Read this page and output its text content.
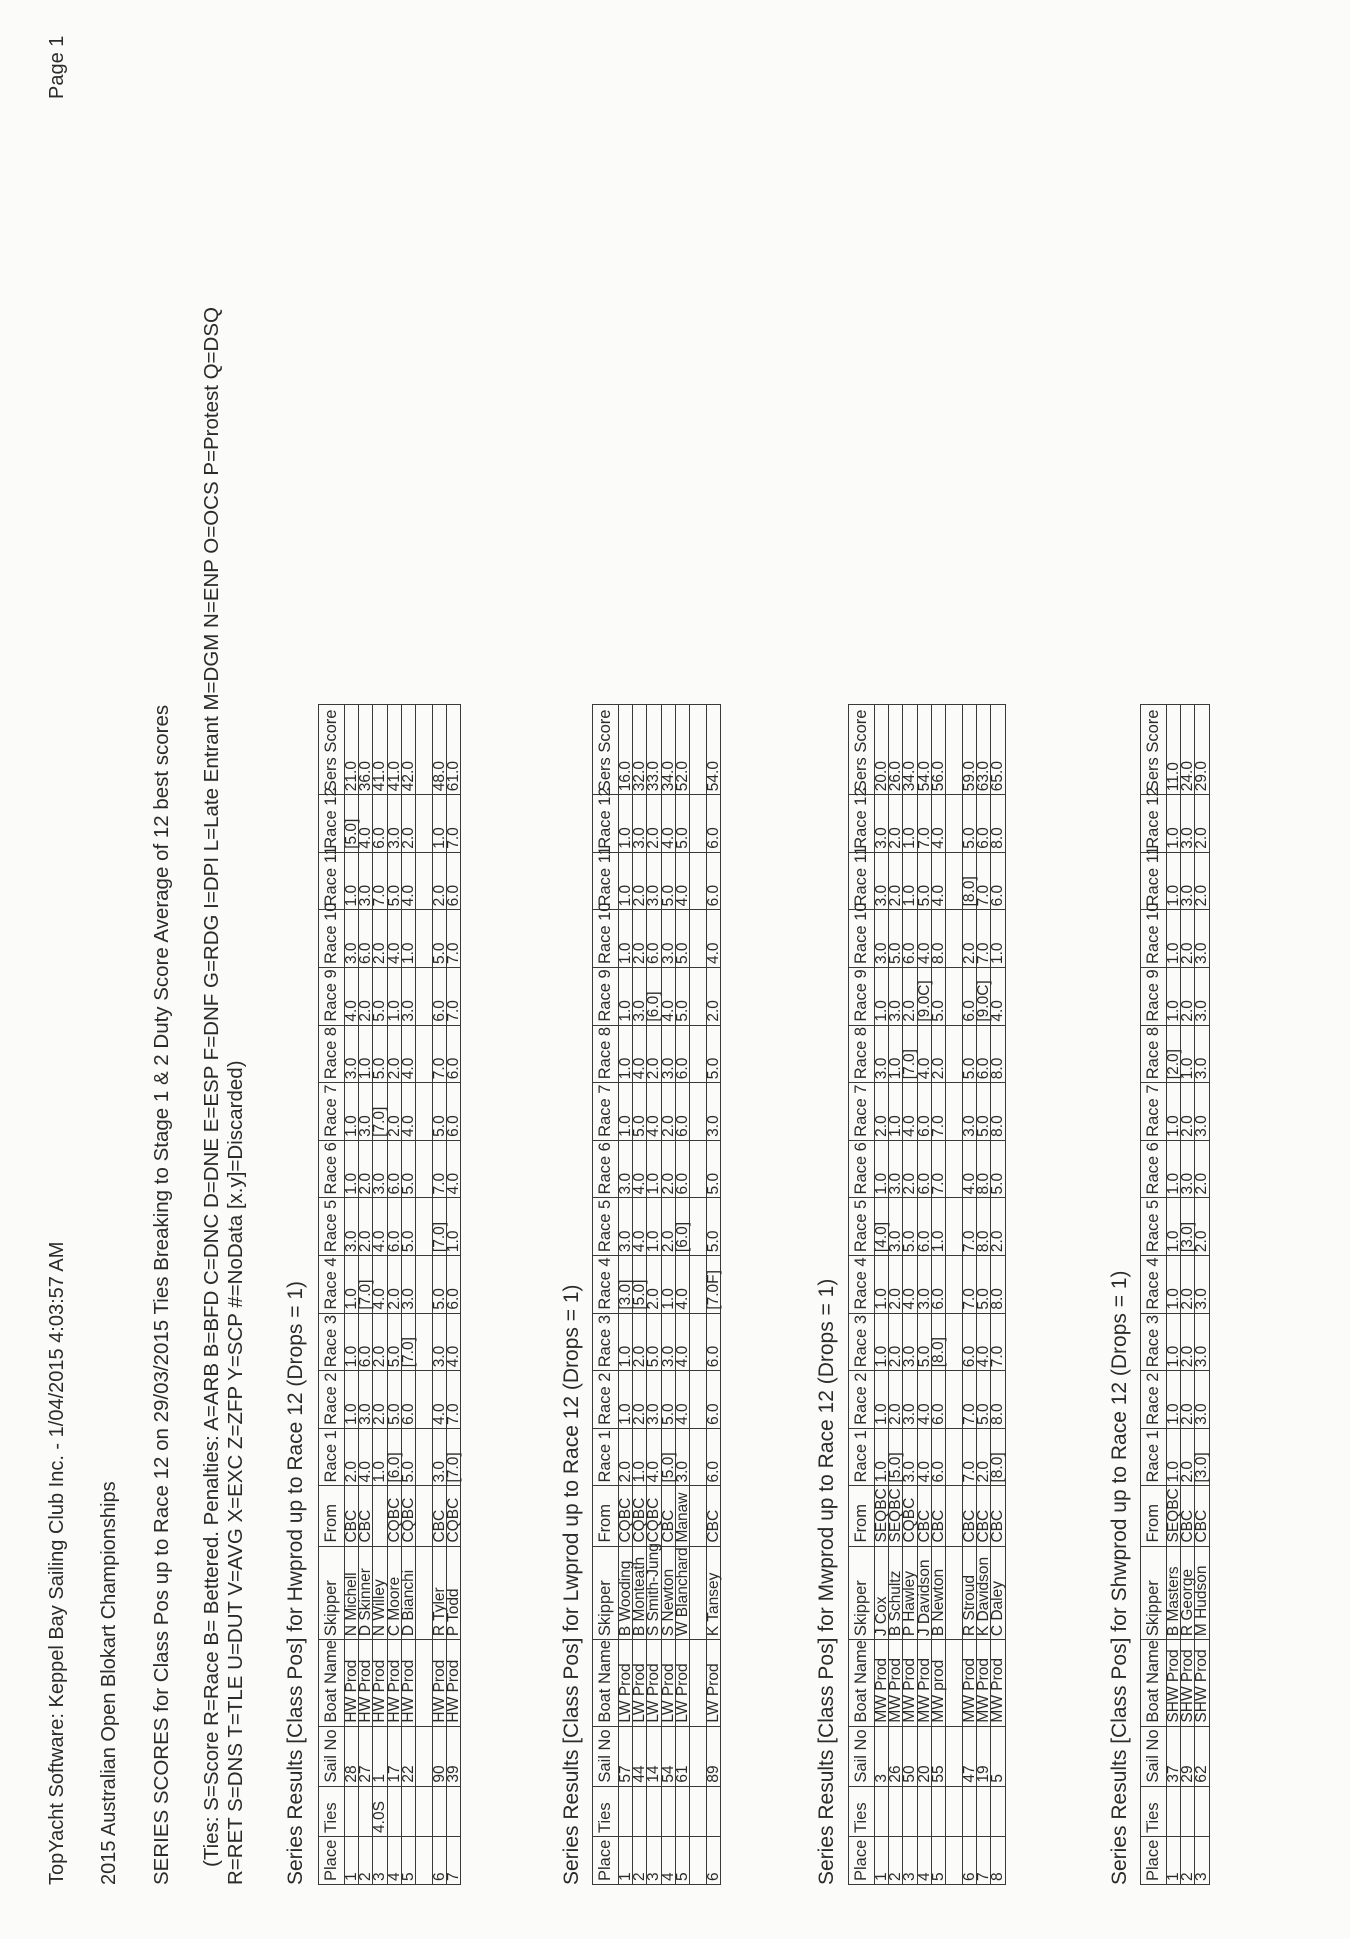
TopYacht Software: Keppel Bay Sailing Club Inc. - 1/04/2015 4:03:57 AM
Page 1
2015 Australian Open Blokart Championships SERIES SCORES for Class Pos up to Race 12 on 29/03/2015 Ties Breaking to Stage 1 & 2 Duty Score Average of 12 best scores (Ties: S=Score R=Race B= Bettered. Penalties: A=ARB B=BFD C=DNC D=DNE E=ESP F=DNF G=RDG I=DPI L=Late Entrant M=DGM N=ENP O=OCS P=Protest Q=DSQ R=RET S=DNS T=TLE U=DUT V=AVG X=EXC Z=ZFP Y=SCP #=NoData [x.y]=Discarded) Series Results [Class Pos] for Hwprod up to Race 12 (Drops = 1) Place	Ties	Sail No	Boat Name	Skipper	From	Race 1	Race 2	Race 3	Race 4	Race 5	Race 6	Race 7	Race 8	Race 9	Race 10	Race 11	Race 12	Sers Score
1		28	HW Prod	N Michell	CBC	2.0	1.0	1.0	1.0	3.0	1.0	1.0	3.0	4.0	3.0	1.0	[5.0]	21.0
2		27	HW Prod	D Skinner	CBC	4.0	3.0	6.0	[7.0]	2.0	2.0	3.0	1.0	2.0	6.0	3.0	4.0	36.0
3	4.0S	1	HW Prod	N Willey		1.0	2.0	2.0	4.0	4.0	3.0	[7.0]	5.0	5.0	2.0	7.0	6.0	41.0
4		17	HW Prod	C Moore	CQBC	[6.0]	5.0	5.0	2.0	6.0	6.0	2.0	2.0	1.0	4.0	5.0	3.0	41.0
5		22	HW Prod	D Bianchi	CQBC	5.0	6.0	[7.0]	3.0	5.0	5.0	4.0	4.0	3.0	1.0	4.0	2.0	42.0

6		90	HW Prod	R Tyler	CBC	3.0	4.0	3.0	5.0	[7.0]	7.0	5.0	7.0	6.0	5.0	2.0	1.0	48.0
7		39	HW Prod	P Todd	CQBC	[7.0]	7.0	4.0	6.0	1.0	4.0	6.0	6.0	7.0	7.0	6.0	7.0	61.0
Series Results [Class Pos] for Lwprod up to Race 12 (Drops = 1) Place	Ties	Sail No	Boat Name	Skipper	From	Race 1	Race 2	Race 3	Race 4	Race 5	Race 6	Race 7	Race 8	Race 9	Race 10	Race 11	Race 12	Sers Score
1		57	LW Prod	B Wooding	CQBC	2.0	1.0	1.0	[3.0]	3.0	3.0	1.0	1.0	1.0	1.0	1.0	1.0	16.0
2		44	LW Prod	B Monteath	CQBC	1.0	2.0	2.0	[5.0]	4.0	4.0	5.0	4.0	3.0	2.0	2.0	3.0	32.0
3		14	LW Prod	S Smith-Jung	CQBC	4.0	3.0	5.0	2.0	1.0	1.0	4.0	2.0	[6.0]	6.0	3.0	2.0	33.0
4		54	LW Prod	S Newton	CBC	[5.0]	5.0	3.0	1.0	2.0	2.0	2.0	3.0	4.0	3.0	5.0	4.0	34.0
5		61	LW Prod	W Blanchard	Manaw	3.0	4.0	4.0	4.0	[6.0]	6.0	6.0	6.0	5.0	5.0	4.0	5.0	52.0

6		89	LW Prod	K Tansey	CBC	6.0	6.0	6.0	[7.0F]	5.0	5.0	3.0	5.0	2.0	4.0	6.0	6.0	54.0
Series Results [Class Pos] for Mwprod up to Race 12 (Drops = 1) Place	Ties	Sail No	Boat Name	Skipper	From	Race 1	Race 2	Race 3	Race 4	Race 5	Race 6	Race 7	Race 8	Race 9	Race 10	Race 11	Race 12	Sers Score
1		3	MW Prod	J Cox	SEQBC	1.0	1.0	1.0	1.0	[4.0]	1.0	2.0	3.0	1.0	3.0	3.0	3.0	20.0
2		26	MW Prod	B Schultz	SEQBC	[5.0]	2.0	2.0	2.0	3.0	3.0	1.0	1.0	3.0	5.0	2.0	2.0	26.0
3		50	MW Prod	P Hawley	CQBC	3.0	3.0	3.0	4.0	5.0	2.0	4.0	[7.0]	2.0	6.0	1.0	1.0	34.0
4		20	MW Prod	J Davidson	CBC	4.0	4.0	5.0	3.0	6.0	6.0	6.0	4.0	[9.0C]	4.0	5.0	7.0	54.0
5		55	MW prod	B Newton	CBC	6.0	6.0	[8.0]	6.0	1.0	7.0	7.0	2.0	5.0	8.0	4.0	4.0	56.0

6		47	MW Prod	R Stroud	CBC	7.0	7.0	6.0	7.0	7.0	4.0	3.0	5.0	6.0	2.0	[8.0]	5.0	59.0
7		19	MW Prod	K Davidson	CBC	2.0	5.0	4.0	5.0	8.0	8.0	5.0	6.0	[9.0C]	7.0	7.0	6.0	63.0
8		5	MW Prod	C Daley	CBC	[8.0]	8.0	7.0	8.0	2.0	5.0	8.0	8.0	4.0	1.0	6.0	8.0	65.0
Series Results [Class Pos] for Shwprod up to Race 12 (Drops = 1) Place	Ties	Sail No	Boat Name	Skipper	From	Race 1	Race 2	Race 3	Race 4	Race 5	Race 6	Race 7	Race 8	Race 9	Race 10	Race 11	Race 12	Sers Score
1		37	SHW Prod	B Masters	SEQBC	1.0	1.0	1.0	1.0	1.0	1.0	1.0	[2.0]	1.0	1.0	1.0	1.0	11.0
2		29	SHW Prod	R George	CBC	2.0	2.0	2.0	2.0	[3.0]	3.0	2.0	1.0	2.0	2.0	3.0	3.0	24.0
3		62	SHW Prod	M Hudson	CBC	[3.0]	3.0	3.0	3.0	2.0	2.0	3.0	3.0	3.0	3.0	2.0	2.0	29.0
